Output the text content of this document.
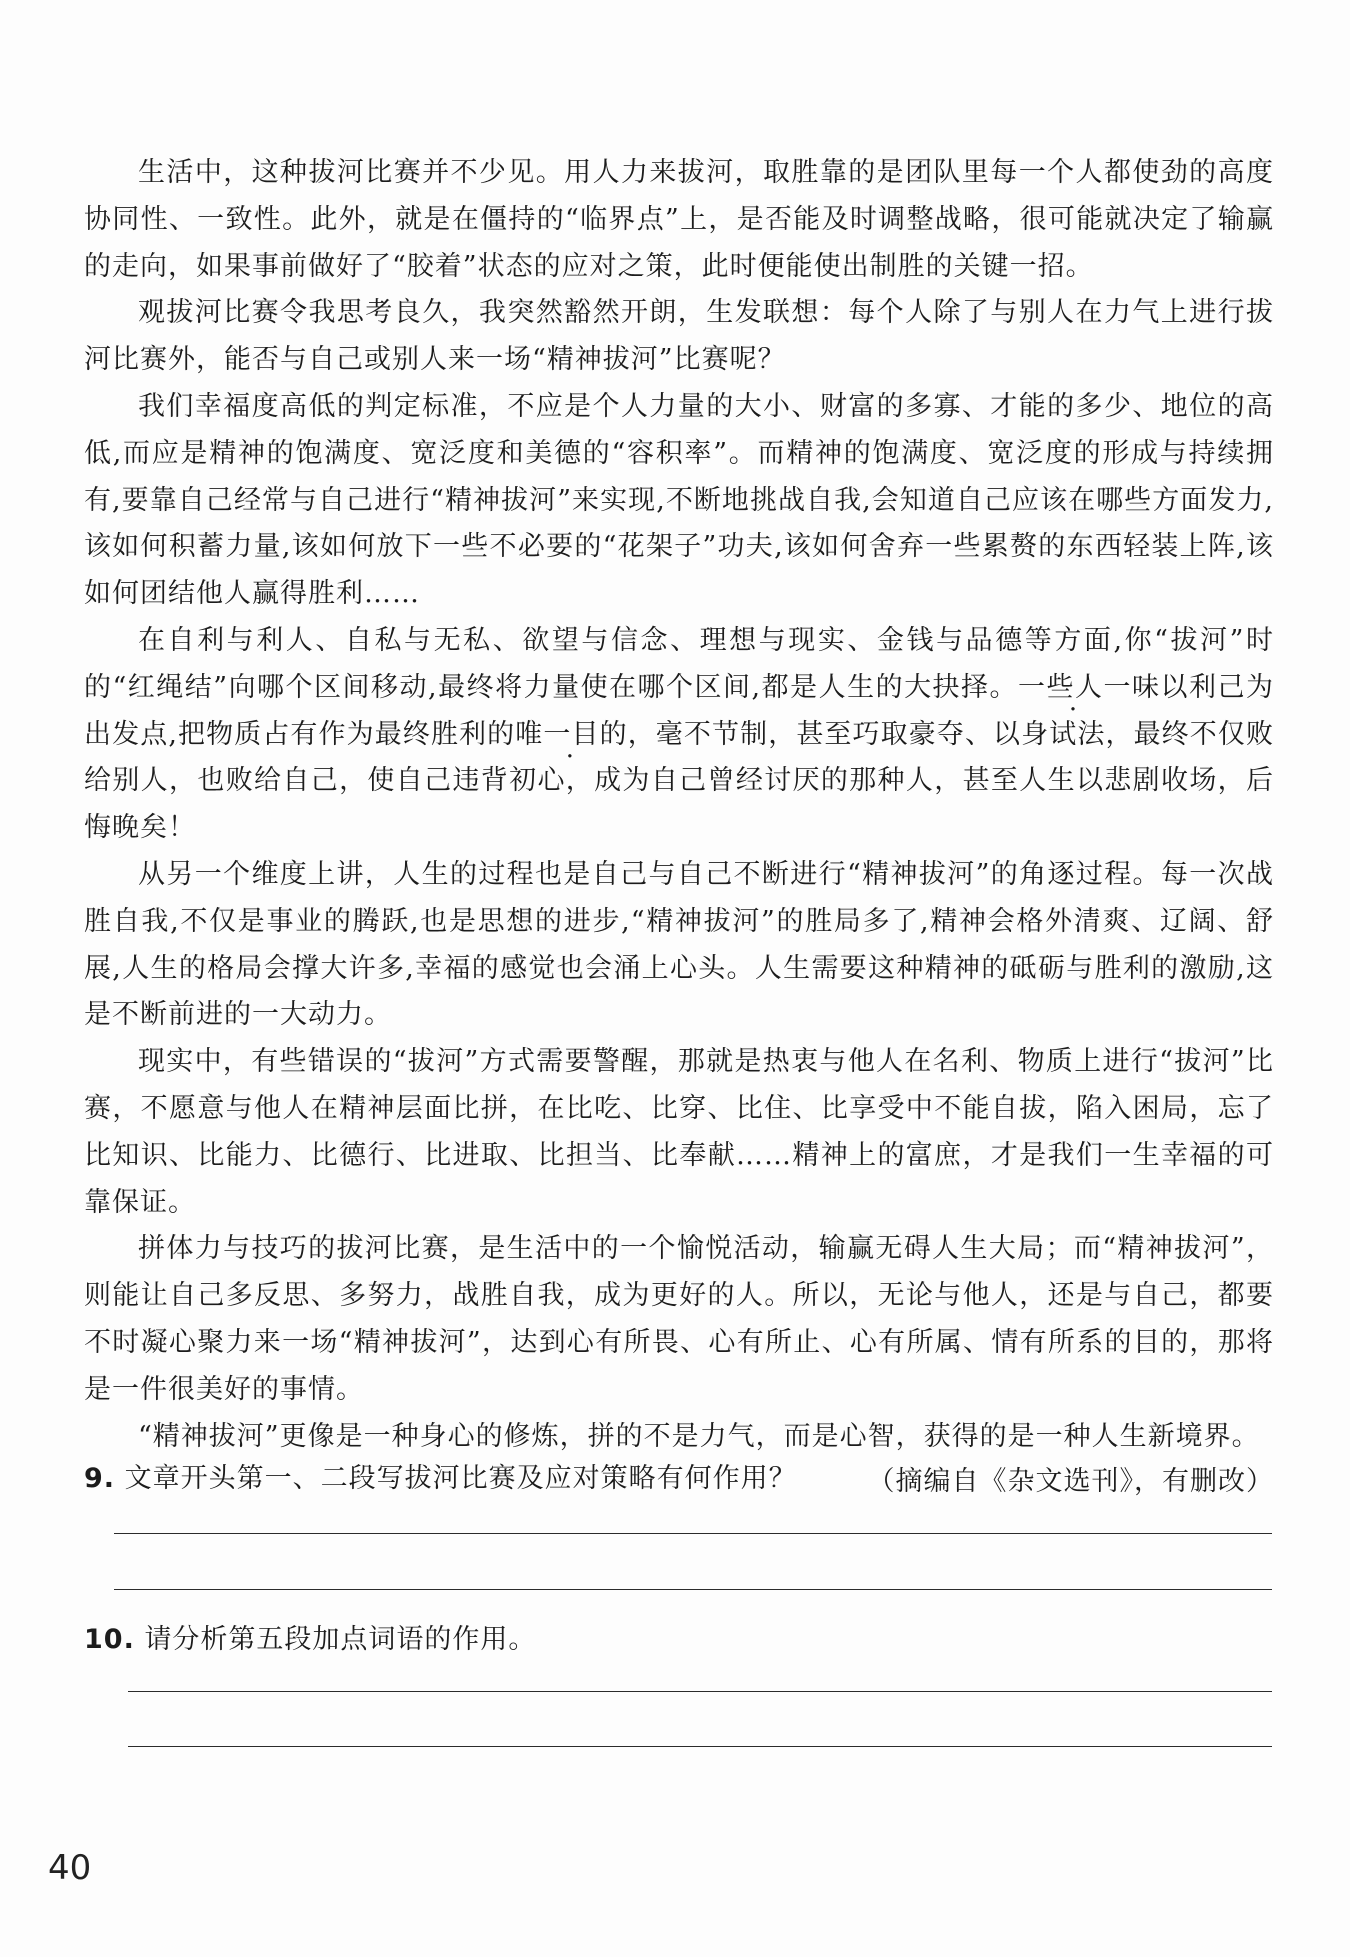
生活中，这种拔河比赛并不少见。用人力来拔河，取胜靠的是团队里每一个人都使劲的高度协同性、一致性。此外，就是在僵持的“临界点”上，是否能及时调整战略，很可能就决定了输赢的走向，如果事前做好了“胶着”状态的应对之策，此时便能使出制胜的关键一招。

观拔河比赛令我思考良久，我突然豁然开朗，生发联想：每个人除了与别人在力气上进行拔河比赛外，能否与自己或别人来一场“精神拔河”比赛呢？

我们幸福度高低的判定标准，不应是个人力量的大小、财富的多寡、才能的多少、地位的高低,而应是精神的饱满度、宽泛度和美德的“容积率”。而精神的饱满度、宽泛度的形成与持续拥有,要靠自己经常与自己进行“精神拔河”来实现,不断地挑战自我,会知道自己应该在哪些方面发力,该如何积蓄力量,该如何放下一些不必要的“花架子”功夫,该如何舍弃一些累赘的东西轻装上阵,该如何团结他人赢得胜利……

在自利与利人、自私与无私、欲望与信念、理想与现实、金钱与品德等方面,你“拔河”时的“红绳结”向哪个区间移动,最终将力量使在哪个区间,都是人生的大抉择。一些人一味以利己为出发点,把物质占有作为最终胜利的唯一目的，毫不节制，甚至巧取豪夺、以身试法，最终不仅败给别人，也败给自己，使自己违背初心，成为自己曾经讨厌的那种人，甚至人生以悲剧收场，后悔晚矣！

从另一个维度上讲，人生的过程也是自己与自己不断进行“精神拔河”的角逐过程。每一次战胜自我,不仅是事业的腾跃,也是思想的进步,“精神拔河”的胜局多了,精神会格外清爽、辽阔、舒展,人生的格局会撑大许多,幸福的感觉也会涌上心头。人生需要这种精神的砥砺与胜利的激励,这是不断前进的一大动力。

现实中，有些错误的“拔河”方式需要警醒，那就是热衷与他人在名利、物质上进行“拔河”比赛，不愿意与他人在精神层面比拼，在比吃、比穿、比住、比享受中不能自拔，陷入困局，忘了比知识、比能力、比德行、比进取、比担当、比奉献……精神上的富庶，才是我们一生幸福的可靠保证。

拼体力与技巧的拔河比赛，是生活中的一个愉悦活动，输赢无碍人生大局；而“精神拔河”，则能让自己多反思、多努力，战胜自我，成为更好的人。所以，无论与他人，还是与自己，都要不时凝心聚力来一场“精神拔河”，达到心有所畏、心有所止、心有所属、情有所系的目的，那将是一件很美好的事情。

“精神拔河”更像是一种身心的修炼，拼的不是力气，而是心智，获得的是一种人生新境界。

（摘编自《杂文选刊》，有删改）

9. 文章开头第一、二段写拔河比赛及应对策略有何作用？
10. 请分析第五段加点词语的作用。
40
